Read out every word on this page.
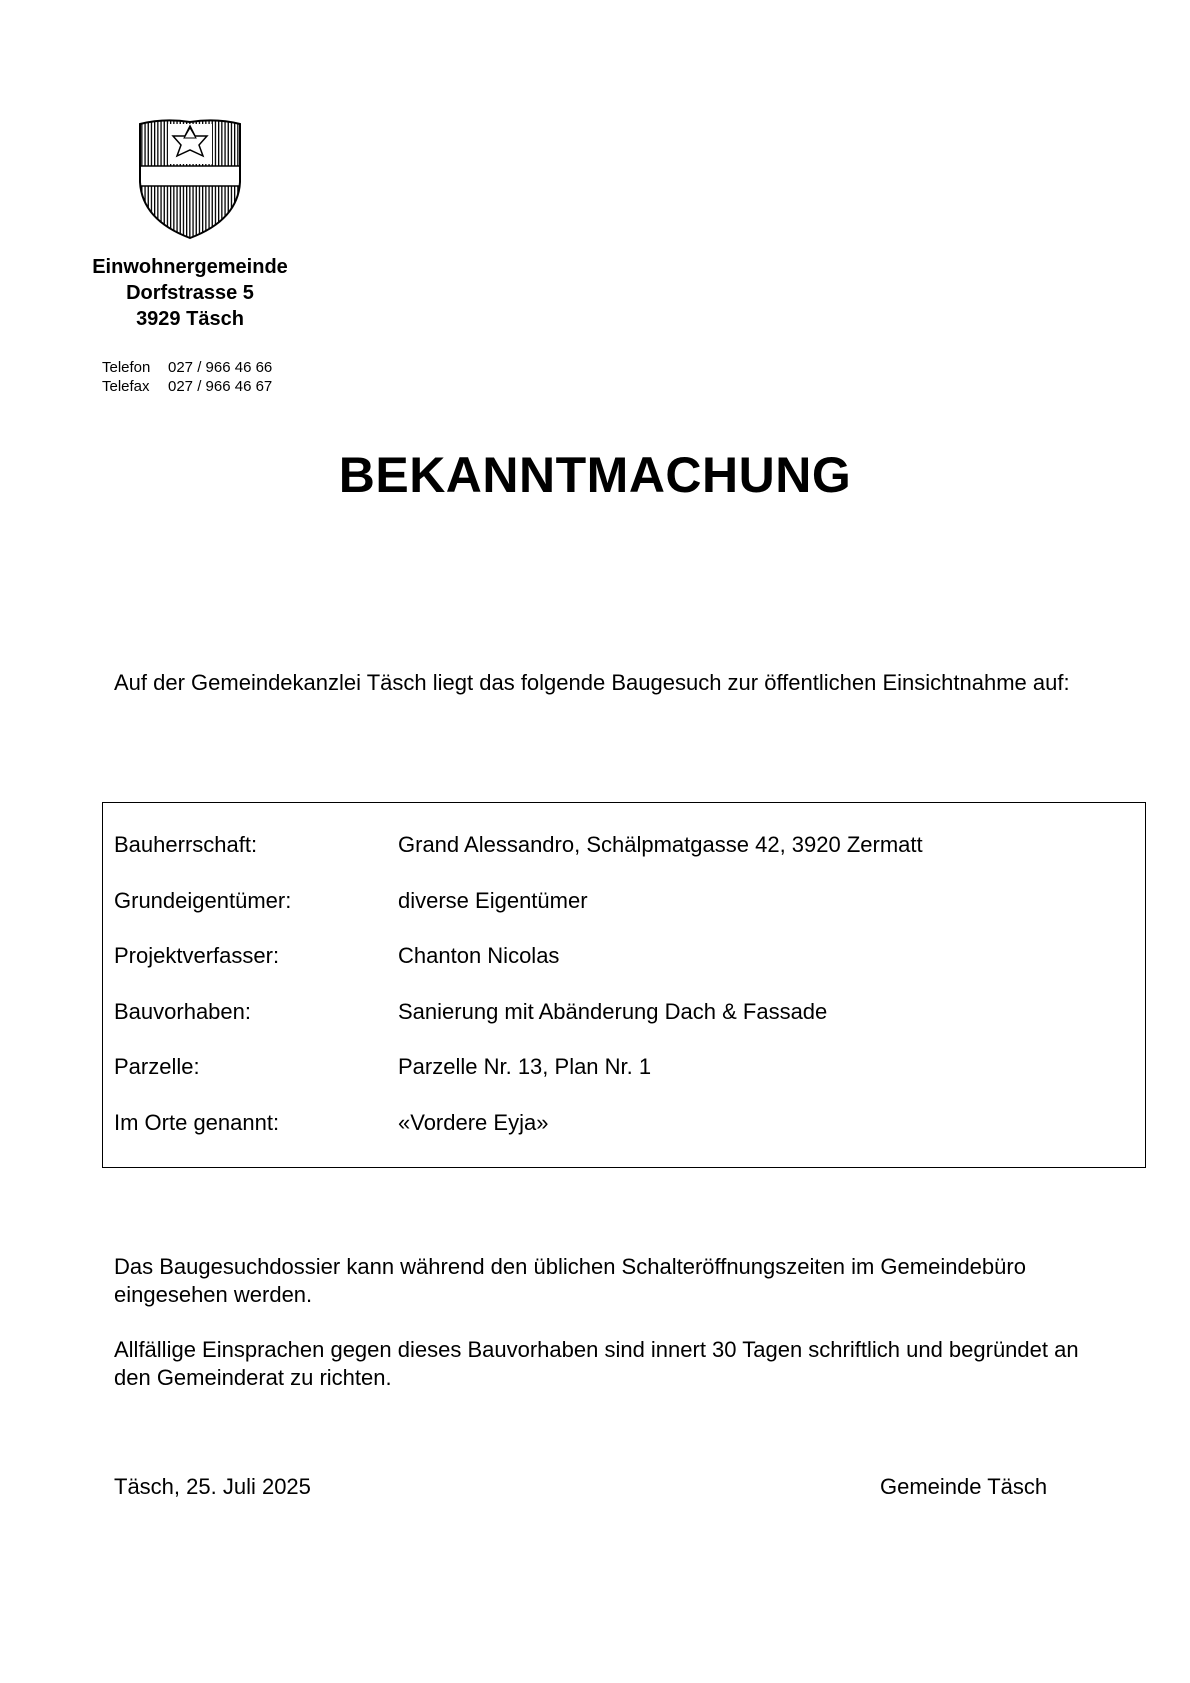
Einwohnergemeinde
Dorfstrasse 5
3929 Täsch
Telefon	027 / 966 46 66
Telefax	027 / 966 46 67
BEKANNTMACHUNG
Auf der Gemeindekanzlei Täsch liegt das folgende Baugesuch zur öffentlichen Einsichtnahme auf:
Bauherrschaft:	Grand Alessandro, Schälpmatgasse 42, 3920 Zermatt
Grundeigentümer:	diverse Eigentümer
Projektverfasser:	Chanton Nicolas
Bauvorhaben:	Sanierung mit Abänderung Dach & Fassade
Parzelle:	Parzelle Nr. 13, Plan Nr. 1
Im Orte genannt:	«Vordere Eyja»
Das Baugesuchdossier kann während den üblichen Schalteröffnungszeiten im Gemeindebüro eingesehen werden.
Allfällige Einsprachen gegen dieses Bauvorhaben sind innert 30 Tagen schriftlich und begründet an den Gemeinderat zu richten.
Täsch, 25. Juli 2025	Gemeinde Täsch
